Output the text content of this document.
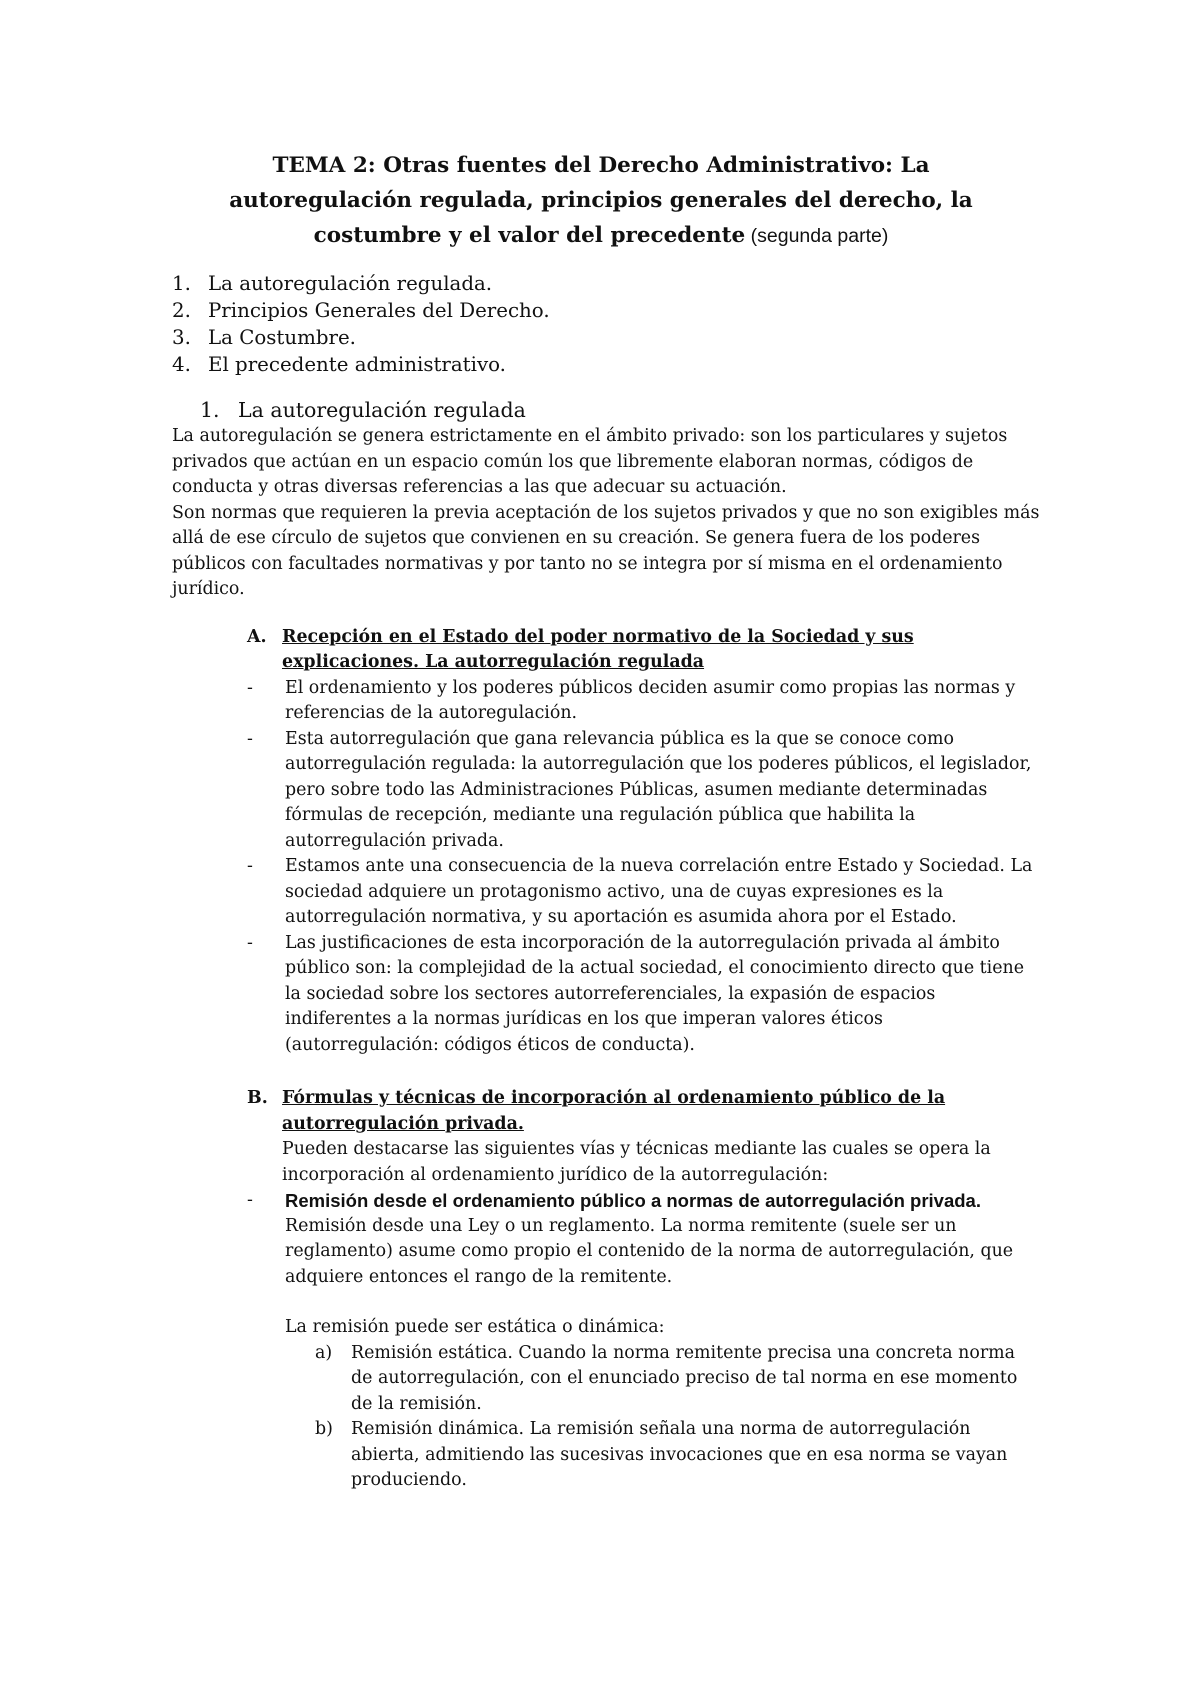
TEMA 2: Otras fuentes del Derecho Administrativo: La autoregulación regulada, principios generales del derecho, la costumbre y el valor del precedente (segunda parte)
1. La autoregulación regulada.
2. Principios Generales del Derecho.
3. La Costumbre.
4. El precedente administrativo.
1. La autoregulación regulada

La autoregulación se genera estrictamente en el ámbito privado: son los particulares y sujetos privados que actúan en un espacio común los que libremente elaboran normas, códigos de conducta y otras diversas referencias a las que adecuar su actuación.

Son normas que requieren la previa aceptación de los sujetos privados y que no son exigibles más allá de ese círculo de sujetos que convienen en su creación. Se genera fuera de los poderes públicos con facultades normativas y por tanto no se integra por sí misma en el ordenamiento jurídico.

A. Recepción en el Estado del poder normativo de la Sociedad y sus explicaciones. La autorregulación regulada
-	El ordenamiento y los poderes públicos deciden asumir como propias las normas y referencias de la autoregulación.
-	Esta autorregulación que gana relevancia pública es la que se conoce como autorregulación regulada: la autorregulación que los poderes públicos, el legislador, pero sobre todo las Administraciones Públicas, asumen mediante determinadas fórmulas de recepción, mediante una regulación pública que habilita la autorregulación privada.
-	Estamos ante una consecuencia de la nueva correlación entre Estado y Sociedad. La sociedad adquiere un protagonismo activo, una de cuyas expresiones es la autorregulación normativa, y su aportación es asumida ahora por el Estado.
-	Las justificaciones de esta incorporación de la autorregulación privada al ámbito público son: la complejidad de la actual sociedad, el conocimiento directo que tiene la sociedad sobre los sectores autorreferenciales, la expasión de espacios indiferentes a la normas jurídicas en los que imperan valores éticos (autorregulación: códigos éticos de conducta).
B. Fórmulas y técnicas de incorporación al ordenamiento público de la autorregulación privada.

Pueden destacarse las siguientes vías y técnicas mediante las cuales se opera la incorporación al ordenamiento jurídico de la autorregulación:

-	Remisión desde el ordenamiento público a normas de autorregulación privada.

Remisión desde una Ley o un reglamento. La norma remitente (suele ser un reglamento) asume como propio el contenido de la norma de autorregulación, que adquiere entonces el rango de la remitente.

La remisión puede ser estática o dinámica:

a)	Remisión estática. Cuando la norma remitente precisa una concreta norma de autorregulación, con el enunciado preciso de tal norma en ese momento de la remisión.
b)	Remisión dinámica. La remisión señala una norma de autorregulación abierta, admitiendo las sucesivas invocaciones que en esa norma se vayan produciendo.
